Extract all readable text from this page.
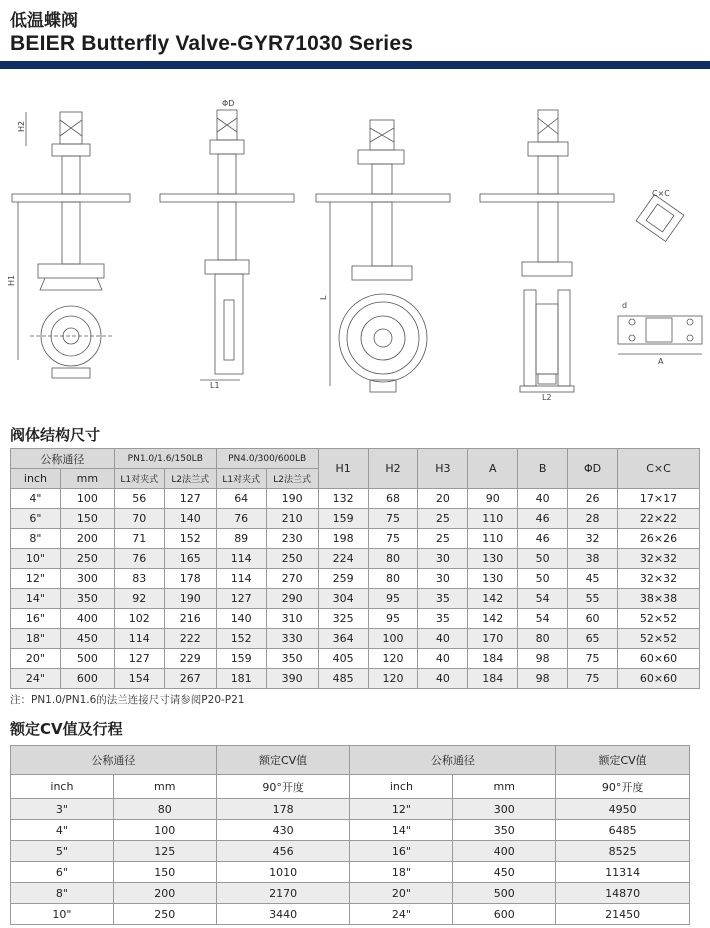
低温蝶阀
BEIER Butterfly Valve-GYR71030 Series
H1
H2
L1
L
L2
ΦD
C×C
d
A
阀体结构尺寸
公称通径		PN1.0/1.6/150LB		PN4.0/300/600LB		H1	H2	H3	A	B	ΦD	C×C
inch	mm	L1对夹式	L2法兰式	L1对夹式	L2法兰式							
4"	100	56	127	64	190	132	68	20	90	40	26	17×17
6"	150	70	140	76	210	159	75	25	110	46	28	22×22
8"	200	71	152	89	230	198	75	25	110	46	32	26×26
10"	250	76	165	114	250	224	80	30	130	50	38	32×32
12"	300	83	178	114	270	259	80	30	130	50	45	32×32
14"	350	92	190	127	290	304	95	35	142	54	55	38×38
16"	400	102	216	140	310	325	95	35	142	54	60	52×52
18"	450	114	222	152	330	364	100	40	170	80	65	52×52
20"	500	127	229	159	350	405	120	40	184	98	75	60×60
24"	600	154	267	181	390	485	120	40	184	98	75	60×60
注：PN1.0/PN1.6的法兰连接尺寸请参阅P20-P21
额定CV值及行程
公称通径		额定CV值	公称通径		额定CV值
inch	mm	90°开度	inch	mm	90°开度
3"	80	178	12"	300	4950
4"	100	430	14"	350	6485
5"	125	456	16"	400	8525
6"	150	1010	18"	450	11314
8"	200	2170	20"	500	14870
10"	250	3440	24"	600	21450
